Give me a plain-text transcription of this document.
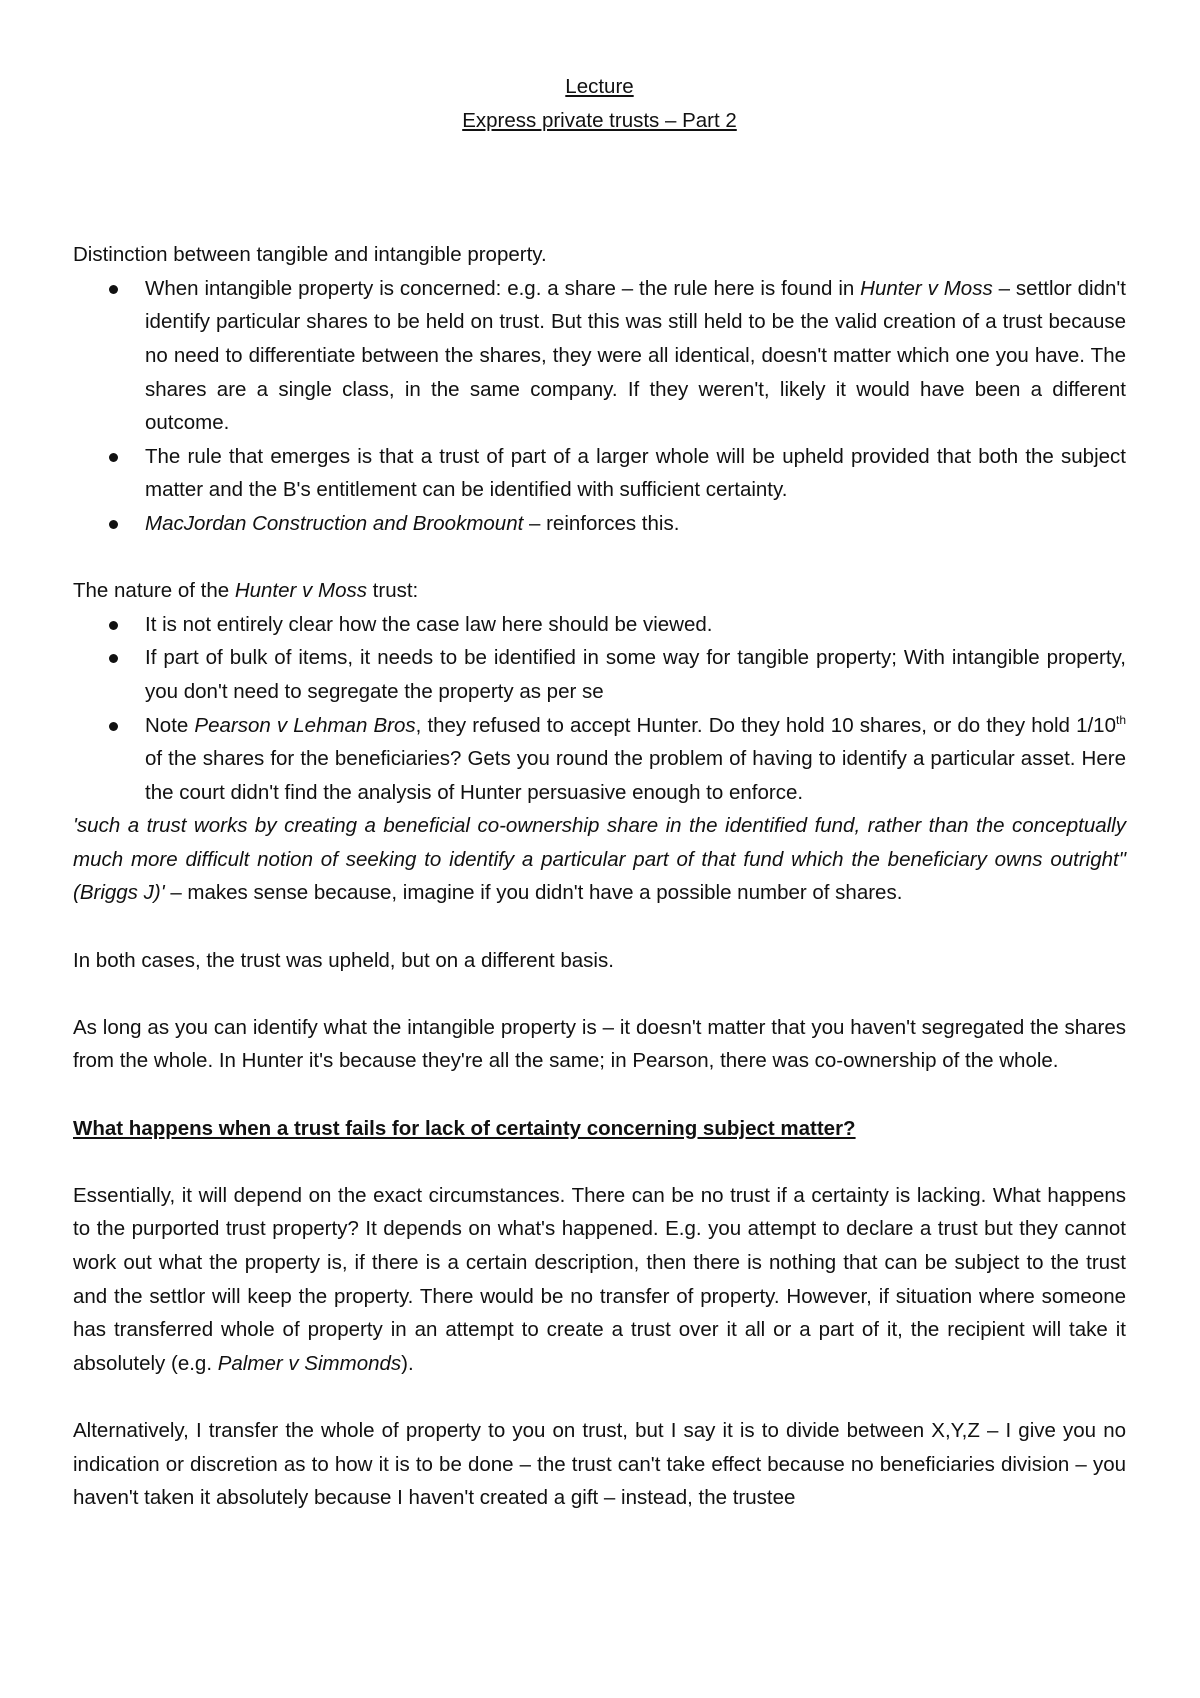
Lecture

Express private trusts – Part 2

Distinction between tangible and intangible property.

When intangible property is concerned: e.g. a share – the rule here is found in Hunter v Moss – settlor didn't identify particular shares to be held on trust. But this was still held to be the valid creation of a trust because no need to differentiate between the shares, they were all identical, doesn't matter which one you have. The shares are a single class, in the same company. If they weren't, likely it would have been a different outcome.
The rule that emerges is that a trust of part of a larger whole will be upheld provided that both the subject matter and the B's entitlement can be identified with sufficient certainty.
MacJordan Construction and Brookmount – reinforces this.

The nature of the Hunter v Moss trust:

It is not entirely clear how the case law here should be viewed.
If part of bulk of items, it needs to be identified in some way for tangible property; With intangible property, you don't need to segregate the property as per se
Note Pearson v Lehman Bros, they refused to accept Hunter. Do they hold 10 shares, or do they hold 1/10th of the shares for the beneficiaries? Gets you round the problem of having to identify a particular asset. Here the court didn't find the analysis of Hunter persuasive enough to enforce.

'such a trust works by creating a beneficial co-ownership share in the identified fund, rather than the conceptually much more difficult notion of seeking to identify a particular part of that fund which the beneficiary owns outright" (Briggs J)' – makes sense because, imagine if you didn't have a possible number of shares.

In both cases, the trust was upheld, but on a different basis.

As long as you can identify what the intangible property is – it doesn't matter that you haven't segregated the shares from the whole. In Hunter it's because they're all the same; in Pearson, there was co-ownership of the whole.

What happens when a trust fails for lack of certainty concerning subject matter?

Essentially, it will depend on the exact circumstances. There can be no trust if a certainty is lacking. What happens to the purported trust property? It depends on what's happened. E.g. you attempt to declare a trust but they cannot work out what the property is, if there is a certain description, then there is nothing that can be subject to the trust and the settlor will keep the property. There would be no transfer of property. However, if situation where someone has transferred whole of property in an attempt to create a trust over it all or a part of it, the recipient will take it absolutely (e.g. Palmer v Simmonds).

Alternatively, I transfer the whole of property to you on trust, but I say it is to divide between X,Y,Z – I give you no indication or discretion as to how it is to be done – the trust can't take effect because no beneficiaries division – you haven't taken it absolutely because I haven't created a gift – instead, the trustee
